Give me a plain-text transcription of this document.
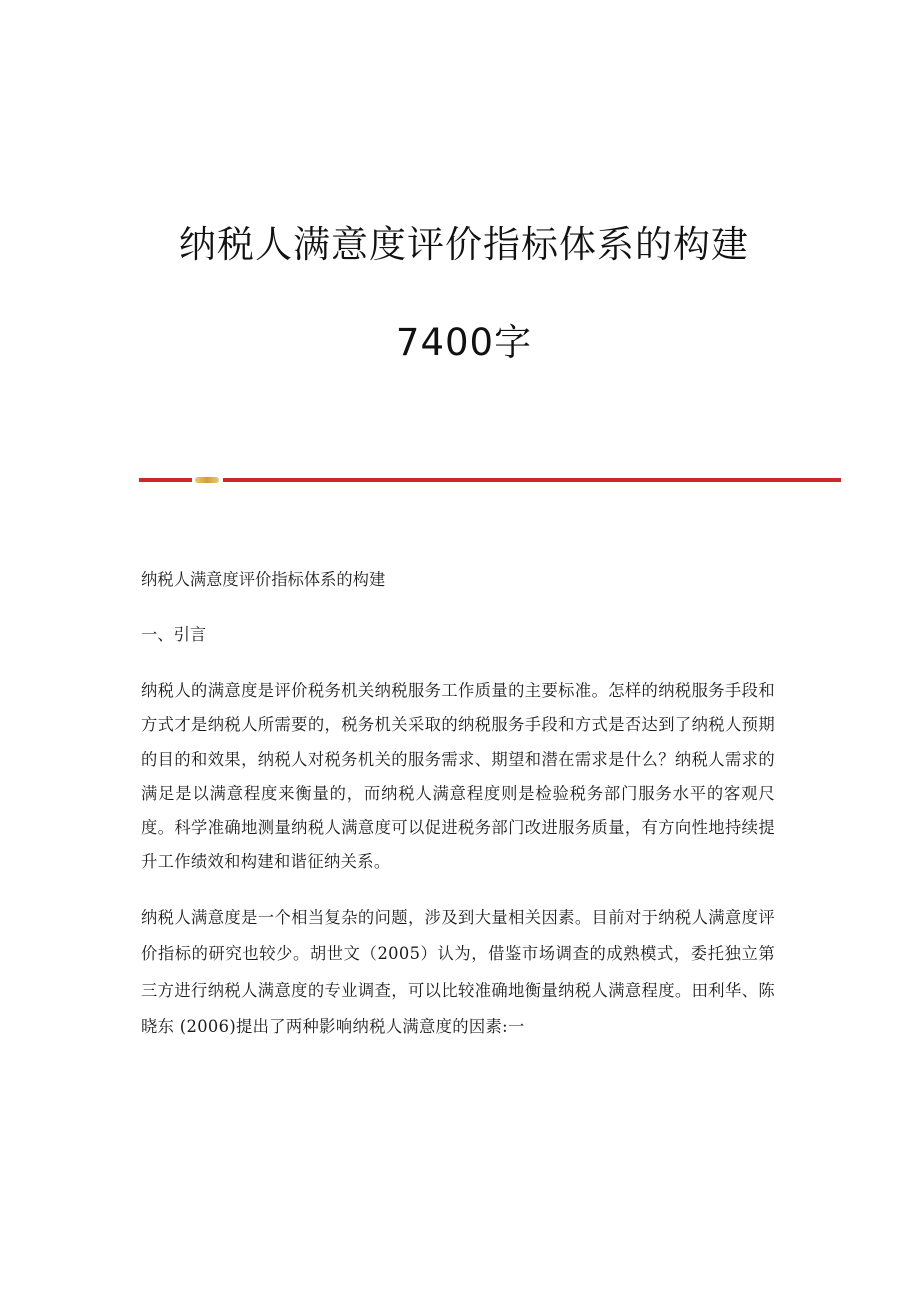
纳税人满意度评价指标体系的构建
7400字

纳税人满意度评价指标体系的构建

一、引言

纳税人的满意度是评价税务机关纳税服务工作质量的主要标准。怎样的纳税服务手段和方式才是纳税人所需要的，税务机关采取的纳税服务手段和方式是否达到了纳税人预期的目的和效果，纳税人对税务机关的服务需求、期望和潜在需求是什么？纳税人需求的满足是以满意程度来衡量的，而纳税人满意程度则是检验税务部门服务水平的客观尺度。科学准确地测量纳税人满意度可以促进税务部门改进服务质量，有方向性地持续提升工作绩效和构建和谐征纳关系。

纳税人满意度是一个相当复杂的问题，涉及到大量相关因素。目前对于纳税人满意度评价指标的研究也较少。胡世文（2005）认为，借鉴市场调查的成熟模式，委托独立第三方进行纳税人满意度的专业调查，可以比较准确地衡量纳税人满意程度。田利华、陈晓东 (2006)提出了两种影响纳税人满意度的因素:一
